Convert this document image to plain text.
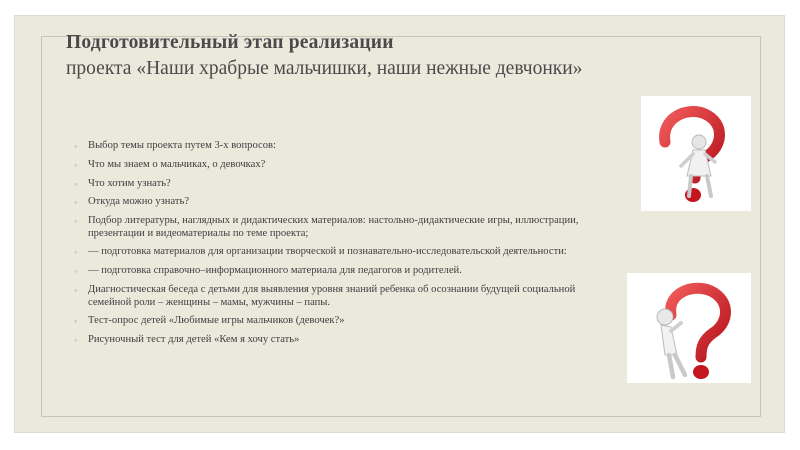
Подготовительный этап реализации
проекта «Наши храбрые мальчишки, наши нежные девчонки»
◦ Выбор темы проекта путем 3-х вопросов:
◦ Что мы знаем о мальчиках, о девочках?
◦ Что хотим узнать?
◦ Откуда можно узнать?
◦ Подбор литературы, наглядных и дидактических материалов: настольно-дидактические игры, иллюстрации, презентации и видеоматериалы по теме проекта;
◦ — подготовка материалов для организации творческой и познавательно-исследовательской деятельности:
◦ — подготовка справочно–информационного материала для педагогов и родителей.
◦ Диагностическая беседа с детьми для выявления уровня знаний ребенка об осознании будущей социальной семейной роли – женщины – мамы, мужчины – папы.
◦ Тест-опрос детей «Любимые игры мальчиков (девочек?»
◦ Рисуночный тест для детей «Кем я хочу стать»
